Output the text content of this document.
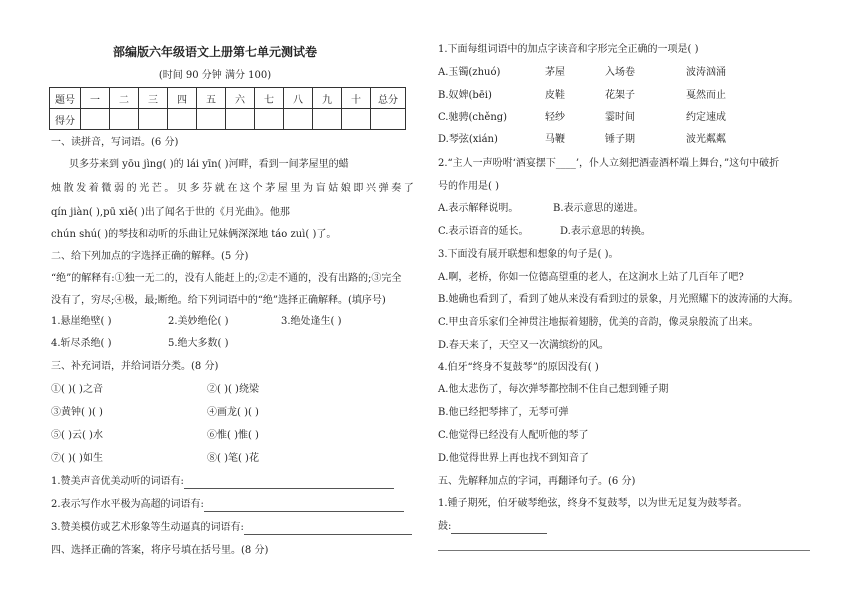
部编版六年级语文上册第七单元测试卷
(时间 90 分钟 满分 100)
题号	一	二	三	四	五	六	七	八	九	十	总分
得分											
一、读拼音，写词语。(6 分)
贝多芬来到 yōu jìng( )的 lái yīn( )河畔，看到一间茅屋里的蜡
烛散发着微弱的光芒。贝多芬就在这个茅屋里为盲姑娘即兴弹奏了
qín jiàn( ),pū xiě( )出了闻名于世的《月光曲》。他那
chún shú( )的琴技和动听的乐曲让兄妹俩深深地 táo zuì( )了。
二、给下列加点的字选择正确的解释。(5 分)
“绝”的解释有:①独一无二的，没有人能赶上的;②走不通的，没有出路的;③完全
没有了，穷尽;④极，最;断绝。给下列词语中的“绝”选择正确解释。(填序号)
1.悬崖绝壁( )	2.美妙绝伦( )	3.绝处逢生( )
4.斩尽杀绝( )	5.绝大多数( )
三、补充词语，并给词语分类。(8 分)
①( )( )之音	②( )( )绕梁
③黄钟( )( )	④画龙( )( )
⑤( )云( )水	⑥惟( )惟( )
⑦( )( )如生	⑧( )笔( )花
1.赞美声音优美动听的词语有:
2.表示写作水平极为高超的词语有:
3.赞美模仿或艺术形象等生动逼真的词语有:
四、选择正确的答案，将序号填在括号里。(8 分)
1.下面每组词语中的加点字读音和字形完全正确的一项是( )
A.玉镯(zhuó)	茅屋	入场卷	波涛汹涌
B.奴婢(bēi)	皮鞋	花架子	戛然而止
C.驰骋(chěng)	轻纱	霎时间	约定速成
D.琴弦(xián)	马鞭	锤子期	波光粼粼
2.“主人一声吩咐‘酒宴摆下____’，仆人立刻把酒壶酒杯端上舞台，”这句中破折
号的作用是( )
A.表示解释说明。	B.表示意思的递进。
C.表示语音的延长。	D.表示意思的转换。
3.下面没有展开联想和想象的句子是( )。
A.啊，老桥，你如一位德高望重的老人，在这涧水上站了几百年了吧?
B.她确也看到了，看到了她从来没有看到过的景象，月光照耀下的波涛涌的大海。
C.甲虫音乐家们全神贯注地振着翅膀，优美的音韵，像灵泉般流了出来。
D.春天来了，天空又一次满缤纷的风。
4.伯牙“终身不复鼓琴”的原因没有( )
A.他太悲伤了，每次弹琴都控制不住自己想到锺子期
B.他已经把琴摔了，无琴可弹
C.他觉得已经没有人配听他的琴了
D.他觉得世界上再也找不到知音了
五、先解释加点的字词，再翻译句子。(6 分)
1.锺子期死，伯牙破琴绝弦，终身不复鼓琴，以为世无足复为鼓琴者。
鼓:
